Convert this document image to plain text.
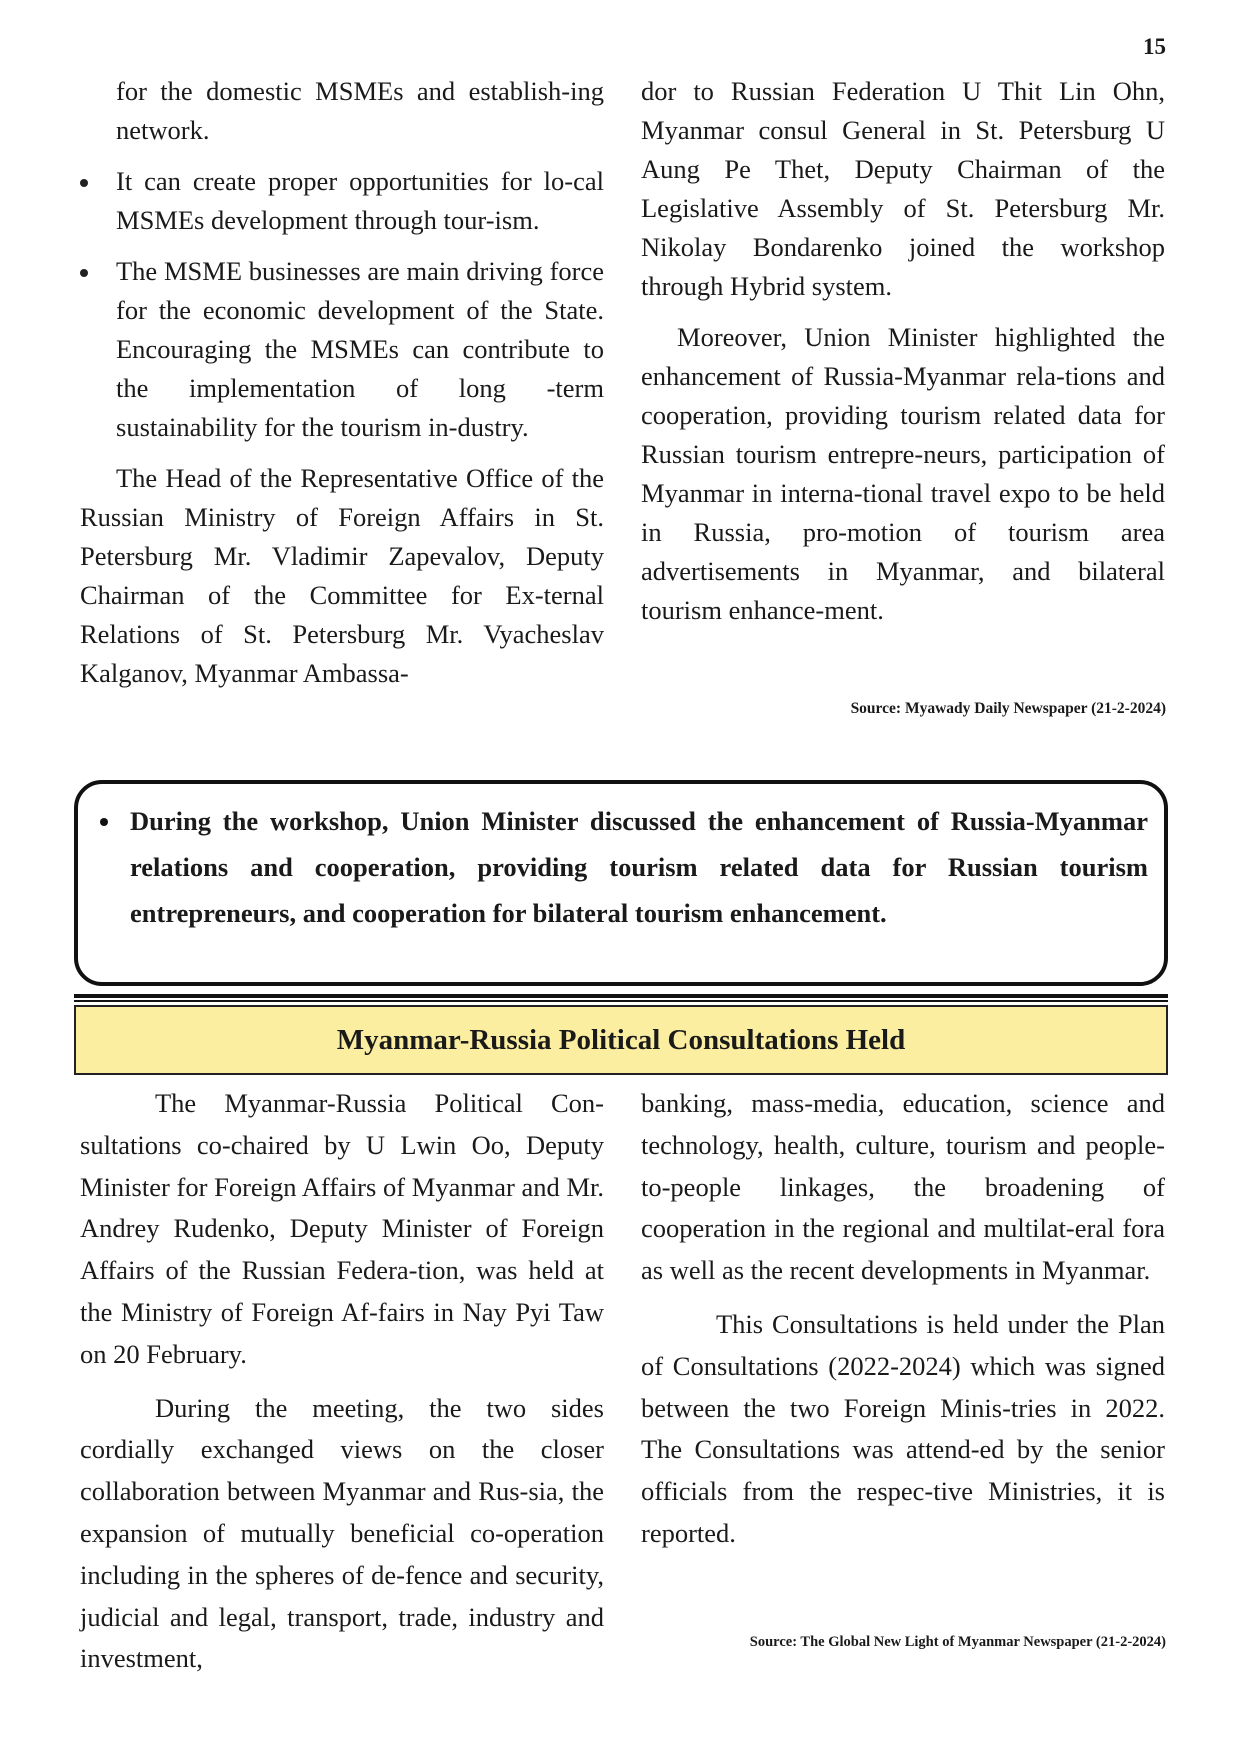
15

for the domestic MSMEs and establish-ing network.

It can create proper opportunities for lo-cal MSMEs development through tour-ism.
The MSME businesses are main driving force for the economic development of the State. Encouraging the MSMEs can contribute to the implementation of long -term sustainability for the tourism in-dustry.

The Head of the Representative Office of the Russian Ministry of Foreign Affairs in St. Petersburg Mr. Vladimir Zapevalov, Deputy Chairman of the Committee for Ex-ternal Relations of St. Petersburg Mr. Vyacheslav Kalganov, Myanmar Ambassa-

dor to Russian Federation U Thit Lin Ohn, Myanmar consul General in St. Petersburg U Aung Pe Thet, Deputy Chairman of the Legislative Assembly of St. Petersburg Mr. Nikolay Bondarenko joined the workshop through Hybrid system.

Moreover, Union Minister highlighted the enhancement of Russia-Myanmar rela-tions and cooperation, providing tourism related data for Russian tourism entrepre-neurs, participation of Myanmar in interna-tional travel expo to be held in Russia, pro-motion of tourism area advertisements in Myanmar, and bilateral tourism enhance-ment.

Source: Myawady Daily Newspaper (21-2-2024)
During the workshop, Union Minister discussed the enhancement of Russia-Myanmar relations and cooperation, providing tourism related data for Russian tourism entrepreneurs, and cooperation for bilateral tourism enhancement.
Myanmar-Russia Political Consultations Held

The Myanmar-Russia Political Con-sultations co-chaired by U Lwin Oo, Deputy Minister for Foreign Affairs of Myanmar and Mr. Andrey Rudenko, Deputy Minister of Foreign Affairs of the Russian Federa-tion, was held at the Ministry of Foreign Af-fairs in Nay Pyi Taw on 20 February.

During the meeting, the two sides cordially exchanged views on the closer collaboration between Myanmar and Rus-sia, the expansion of mutually beneficial co-operation including in the spheres of de-fence and security, judicial and legal, transport, trade, industry and investment,

banking, mass-media, education, science and technology, health, culture, tourism and people-to-people linkages, the broadening of cooperation in the regional and multilat-eral fora as well as the recent developments in Myanmar.

This Consultations is held under the Plan of Consultations (2022-2024) which was signed between the two Foreign Minis-tries in 2022. The Consultations was attend-ed by the senior officials from the respec-tive Ministries, it is reported.

Source: The Global New Light of Myanmar Newspaper (21-2-2024)
